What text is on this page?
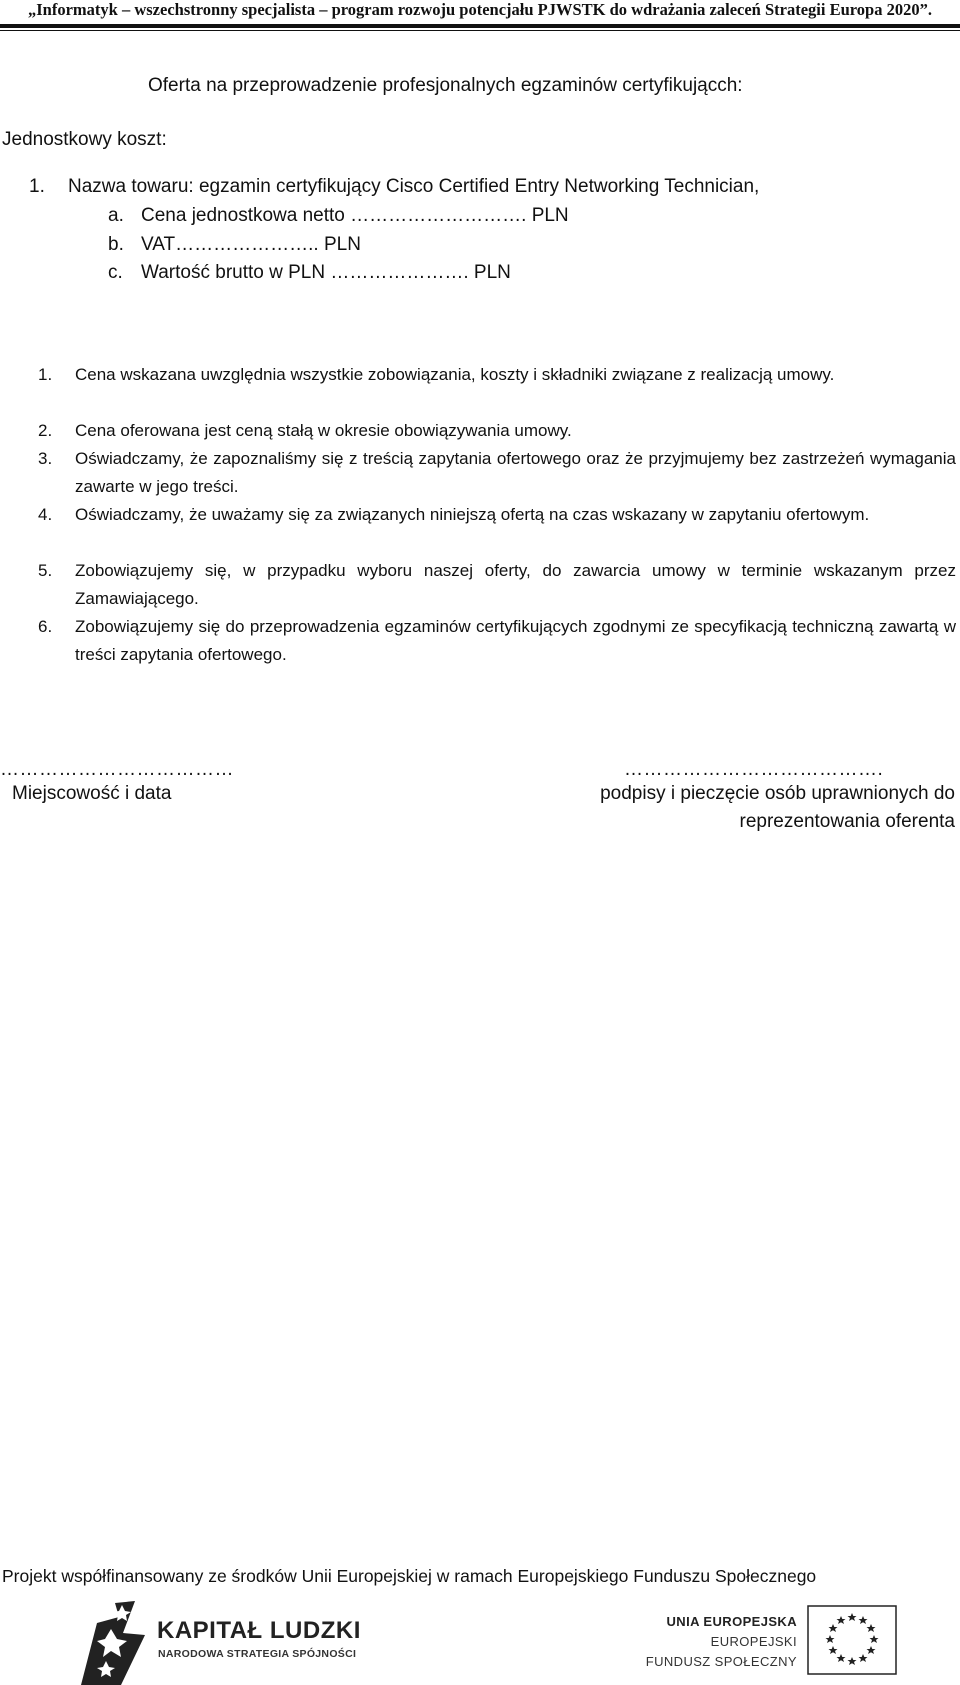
„Informatyk – wszechstronny specjalista – program rozwoju potencjału PJWSTK do wdrażania zaleceń Strategii Europa 2020”.
Oferta na przeprowadzenie profesjonalnych egzaminów certyfikującch:
Jednostkowy koszt:
1. Nazwa towaru: egzamin certyfikujący Cisco Certified Entry Networking Technician,
a. Cena jednostkowa netto ………………………. PLN
b. VAT………………….. PLN
c. Wartość brutto w PLN …………………. PLN
1. Cena wskazana uwzględnia wszystkie zobowiązania, koszty i składniki związane z realizacją umowy.
2. Cena oferowana jest ceną stałą w okresie obowiązywania umowy.
3. Oświadczamy, że zapoznaliśmy się z treścią zapytania ofertowego oraz że przyjmujemy bez zastrzeżeń wymagania zawarte w jego treści.
4. Oświadczamy, że uważamy się za związanych niniejszą ofertą na czas wskazany w zapytaniu ofertowym.
5. Zobowiązujemy się, w przypadku wyboru naszej oferty, do zawarcia umowy w terminie wskazanym przez Zamawiającego.
6. Zobowiązujemy się do przeprowadzenia egzaminów certyfikujących zgodnymi ze specyfikacją techniczną zawartą w treści zapytania ofertowego.
………………………………	………………………………….
Miejscowość i data	podpisy i pieczęcie osób uprawnionych do
reprezentowania oferenta
Projekt współfinansowany ze środków Unii Europejskiej w ramach Europejskiego Funduszu Społecznego
KAPITAŁ LUDZKI
NARODOWA STRATEGIA SPÓJNOŚCI
UNIA EUROPEJSKA
EUROPEJSKI
FUNDUSZ SPOŁECZNY
